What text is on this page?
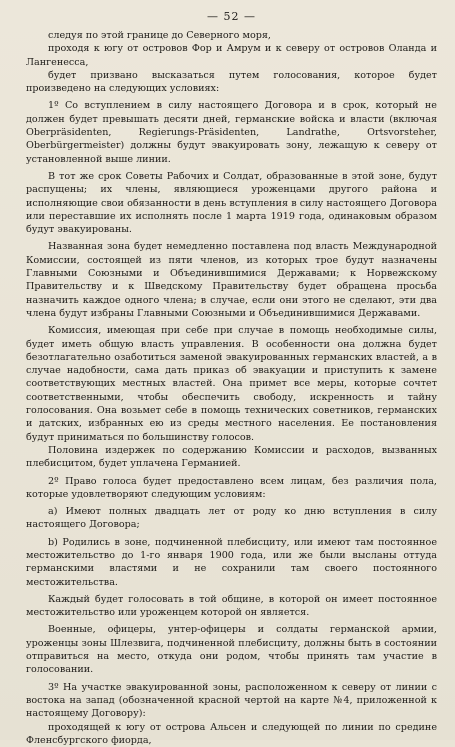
— 52 —

следуя по этой границе до Северного моря,

проходя к югу от островов Фор и Амрум и к северу от островов Оланда и Лангенесса,

будет призвано высказаться путем голосования, которое будет произведено на следующих условиях:

1º Со вступлением в силу настоящего Договора и в срок, который не должен будет превышать десяти дней, германские войска и власти (включая Oberpräsidenten, Regierungs-Präsidenten, Landrathe, Ortsvorsteher, Oberbürgermeister) должны будут эвакуировать зону, лежащую к северу от установленной выше линии.

В тот же срок Советы Рабочих и Солдат, образованные в этой зоне, будут распущены; их члены, являющиеся уроженцами другого района и исполняющие свои обязанности в день вступления в силу настоящего Договора или переставшие их исполнять после 1 марта 1919 года, одинаковым образом будут эвакуированы.

Названная зона будет немедленно поставлена под власть Международной Комиссии, состоящей из пяти членов, из которых трое будут назначены Главными Союзными и Объединившимися Державами; к Норвежскому Правительству и к Шведскому Правительству будет обращена просьба назначить каждое одного члена; в случае, если они этого не сделают, эти два члена будут избраны Главными Союзными и Объединившимися Державами.

Комиссия, имеющая при себе при случае в помощь необходимые силы, будет иметь общую власть управления. В особенности она должна будет безотлагательно озаботиться заменой эвакуированных германских властей, а в случае надобности, сама дать приказ об эвакуации и приступить к замене соответствующих местных властей. Она примет все меры, которые сочтет соответственными, чтобы обеспечить свободу, искренность и тайну голосования. Она возьмет себе в помощь технических советников, германских и датских, избранных ею из среды местного населения. Ее постановления будут приниматься по большинству голосов.

Половина издержек по содержанию Комиссии и расходов, вызванных плебисцитом, будет уплачена Германией.

2º Право голоса будет предоставлено всем лицам, без различия пола, которые удовлетворяют следующим условиям:

a) Имеют полных двадцать лет от роду ко дню вступления в силу настоящего Договора;

b) Родились в зоне, подчиненной плебисциту, или имеют там постоянное местожительство до 1-го января 1900 года, или же были высланы оттуда германскими властями и не сохранили там своего постоянного местожительства.

Каждый будет голосовать в той общине, в которой он имеет постоянное местожительство или уроженцем которой он является.

Военные, офицеры, унтер-офицеры и солдаты германской армии, уроженцы зоны Шлезвига, подчиненной плебисциту, должны быть в состоянии отправиться на место, откуда они родом, чтобы принять там участие в голосовании.

3º На участке эвакуированной зоны, расположенном к северу от линии с востока на запад (обозначенной красной чертой на карте №4, приложенной к настоящему Договору):

проходящей к югу от острова Альсен и следующей по линии по средине Фленсбургского фиорда,
